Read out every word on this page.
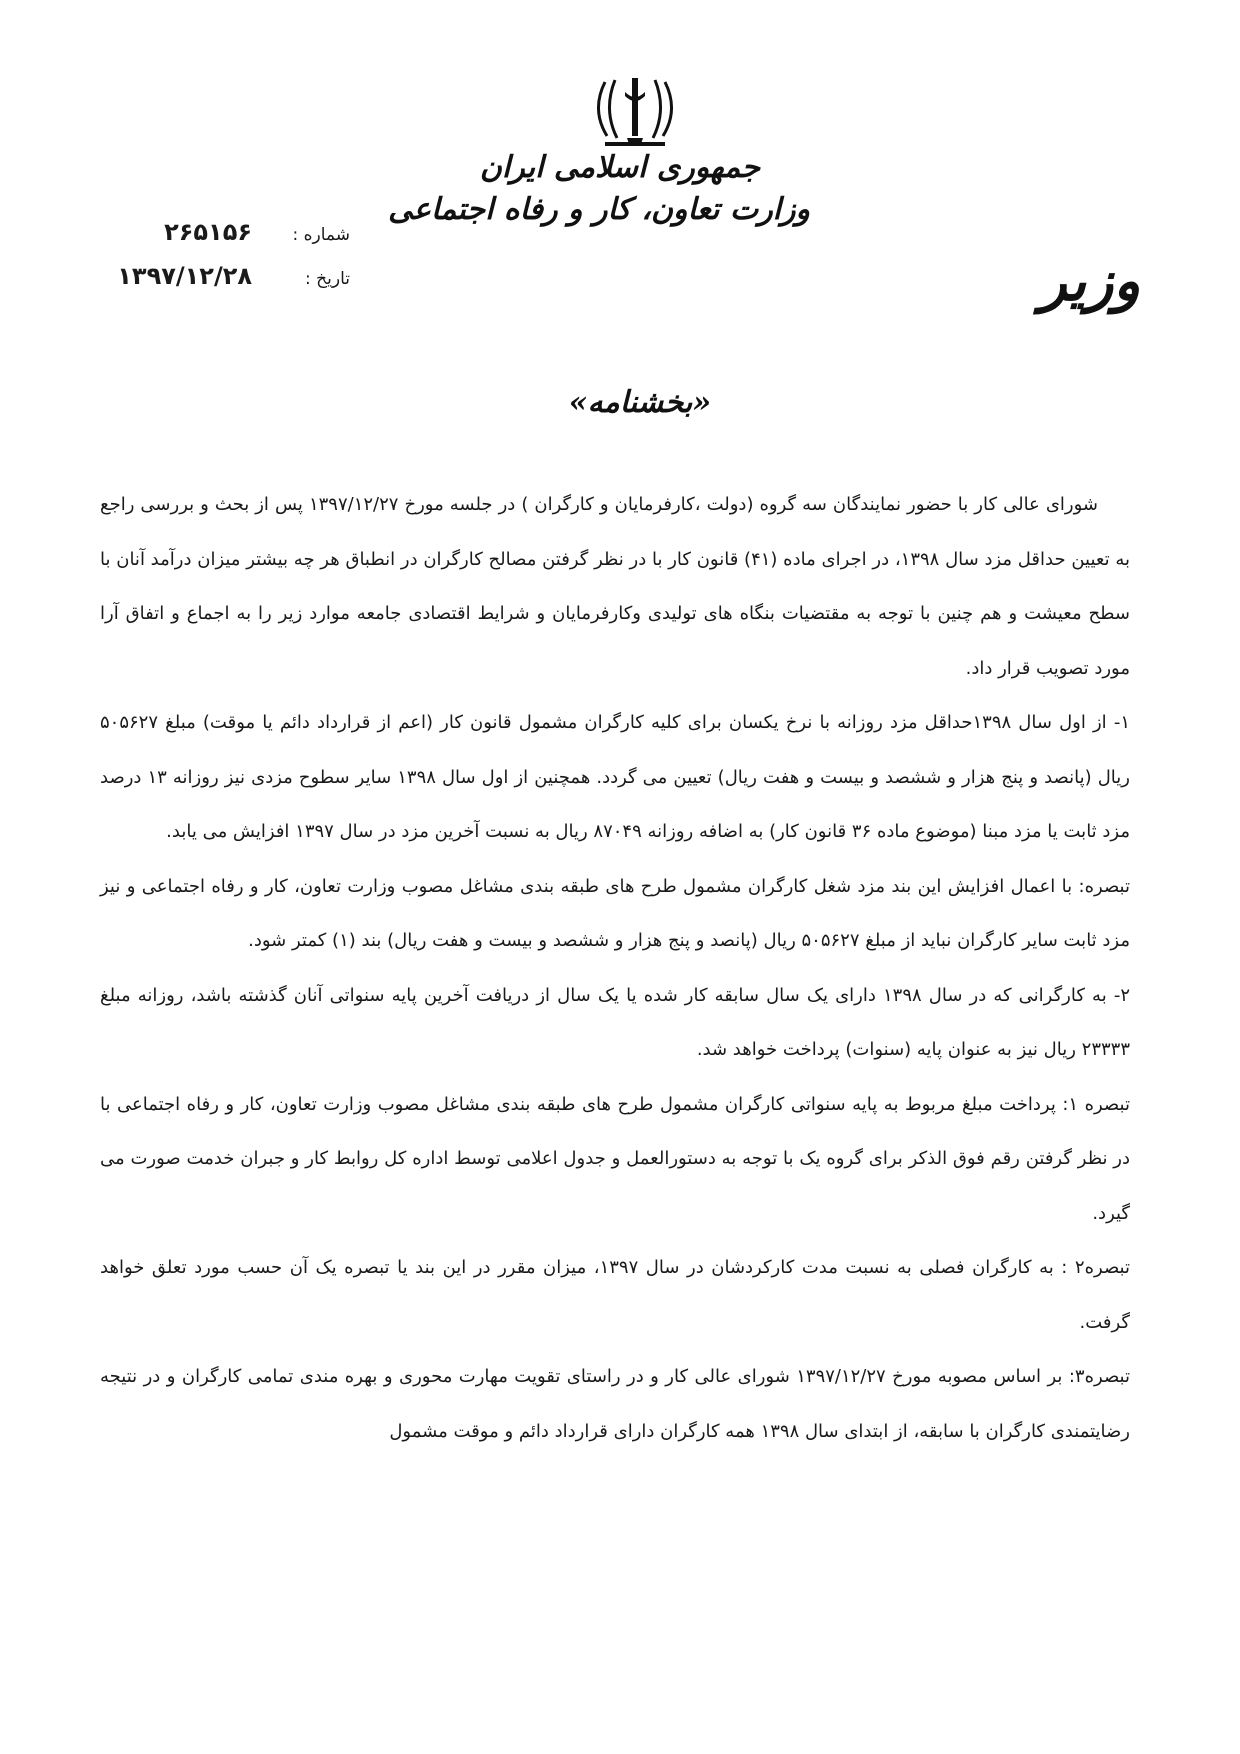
جمهوری اسلامی ایران
وزارت تعاون، کار و رفاه اجتماعی
وزیر
شماره :
۲۶۵۱۵۶
تاریخ :
۱۳۹۷/۱۲/۲۸
«بخشنامه»

شورای عالی کار با حضور نمایندگان سه گروه (دولت ،کارفرمایان و کارگران ) در جلسه مورخ ۱۳۹۷/۱۲/۲۷ پس از بحث و بررسی راجع به تعیین حداقل مزد سال ۱۳۹۸، در اجرای ماده (۴۱) قانون کار با در نظر گرفتن مصالح کارگران در انطباق هر چه بیشتر میزان درآمد آنان با سطح معیشت و هم چنین با توجه به مقتضیات بنگاه های تولیدی وکارفرمایان و شرایط اقتصادی جامعه موارد زیر را به اجماع و اتفاق آرا مورد تصویب قرار داد.

۱- از اول سال ۱۳۹۸حداقل مزد روزانه با نرخ یکسان برای کلیه کارگران مشمول قانون کار (اعم از قرارداد دائم یا موقت) مبلغ ۵۰۵۶۲۷ ریال (پانصد و پنج هزار و ششصد و بیست و هفت ریال) تعیین می گردد. همچنین از اول سال ۱۳۹۸ سایر سطوح مزدی نیز روزانه ۱۳ درصد مزد ثابت یا مزد مبنا (موضوع ماده ۳۶ قانون کار) به اضافه روزانه ۸۷۰۴۹ ریال به نسبت آخرین مزد در سال ۱۳۹۷ افزایش می یابد.

تبصره: با اعمال افزایش این بند مزد شغل کارگران مشمول طرح های طبقه بندی مشاغل مصوب وزارت تعاون، کار و رفاه اجتماعی و نیز مزد ثابت سایر کارگران نباید از مبلغ ۵۰۵۶۲۷ ریال (پانصد و پنج هزار و ششصد و بیست و هفت ریال) بند (۱) کمتر شود.

۲- به کارگرانی که در سال ۱۳۹۸ دارای یک سال سابقه کار شده یا یک سال از دریافت آخرین پایه سنواتی آنان گذشته باشد، روزانه مبلغ ۲۳۳۳۳ ریال نیز به عنوان پایه (سنوات) پرداخت خواهد شد.

تبصره ۱: پرداخت مبلغ مربوط به پایه سنواتی کارگران مشمول طرح های طبقه بندی مشاغل مصوب وزارت تعاون، کار و رفاه اجتماعی با در نظر گرفتن رقم فوق الذکر برای گروه یک با توجه به دستورالعمل و جدول اعلامی توسط اداره کل روابط کار و جبران خدمت صورت می گیرد.

تبصره۲ : به کارگران فصلی به نسبت مدت کارکردشان در سال ۱۳۹۷، میزان مقرر در این بند یا تبصره یک آن حسب مورد تعلق خواهد گرفت.

تبصره۳: بر اساس مصوبه مورخ ۱۳۹۷/۱۲/۲۷ شورای عالی کار و در راستای تقویت مهارت محوری و بهره مندی تمامی کارگران و در نتیجه رضایتمندی کارگران با سابقه، از ابتدای سال ۱۳۹۸ همه کارگران دارای قرارداد دائم و موقت مشمول
